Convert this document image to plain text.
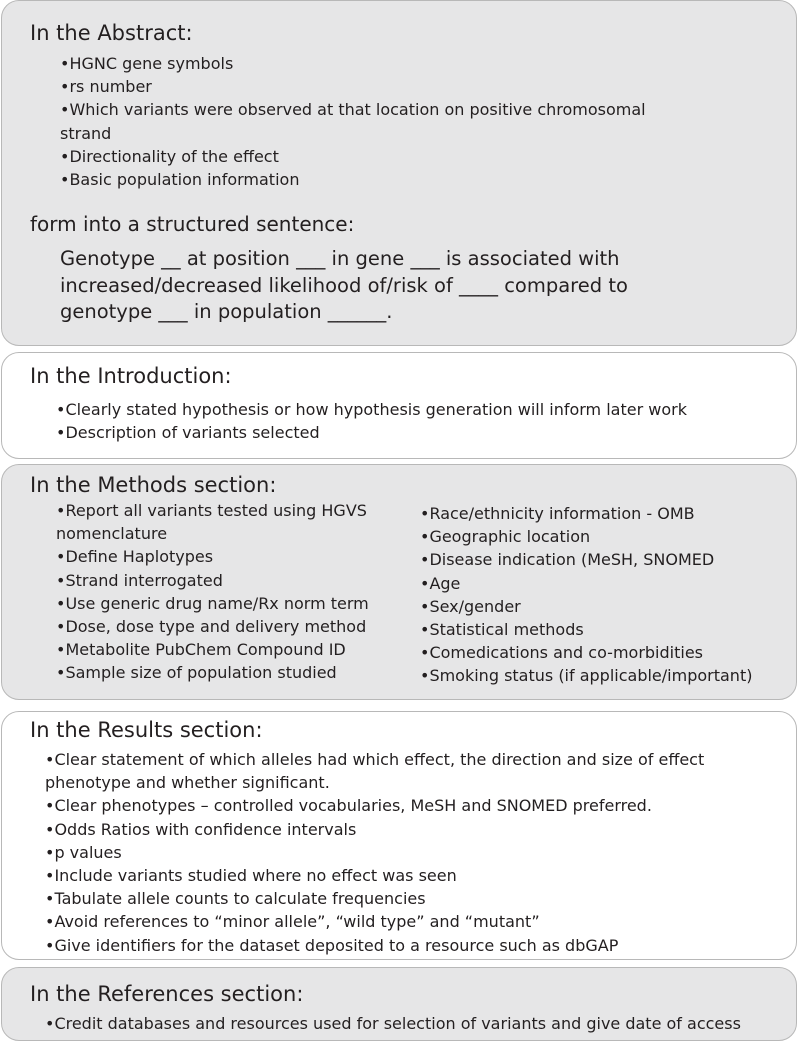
In the Abstract:
•HGNC gene symbols
•rs number
•Which variants were observed at that location on positive chromosomal
strand
•Directionality of the effect
•Basic population information
form into a structured sentence:

Genotype __ at position ___ in gene ___ is associated with
increased/decreased likelihood of/risk of ____ compared to
genotype ___ in population ______.

In the Introduction:
•Clearly stated hypothesis or how hypothesis generation will inform later work
•Description of variants selected
In the Methods section:
•Report all variants tested using HGVS
nomenclature
•Define Haplotypes
•Strand interrogated
•Use generic drug name/Rx norm term
•Dose, dose type and delivery method
•Metabolite PubChem Compound ID
•Sample size of population studied
•Race/ethnicity information - OMB
•Geographic location
•Disease indication (MeSH, SNOMED
•Age
•Sex/gender
•Statistical methods
•Comedications and co-morbidities
•Smoking status (if applicable/important)
In the Results section:
•Clear statement of which alleles had which effect, the direction and size of effect
phenotype and whether significant.
•Clear phenotypes – controlled vocabularies, MeSH and SNOMED preferred.
•Odds Ratios with confidence intervals
•p values
•Include variants studied where no effect was seen
•Tabulate allele counts to calculate frequencies
•Avoid references to “minor allele”, “wild type” and “mutant”
•Give identifiers for the dataset deposited to a resource such as dbGAP
In the References section:
•Credit databases and resources used for selection of variants and give date of access
